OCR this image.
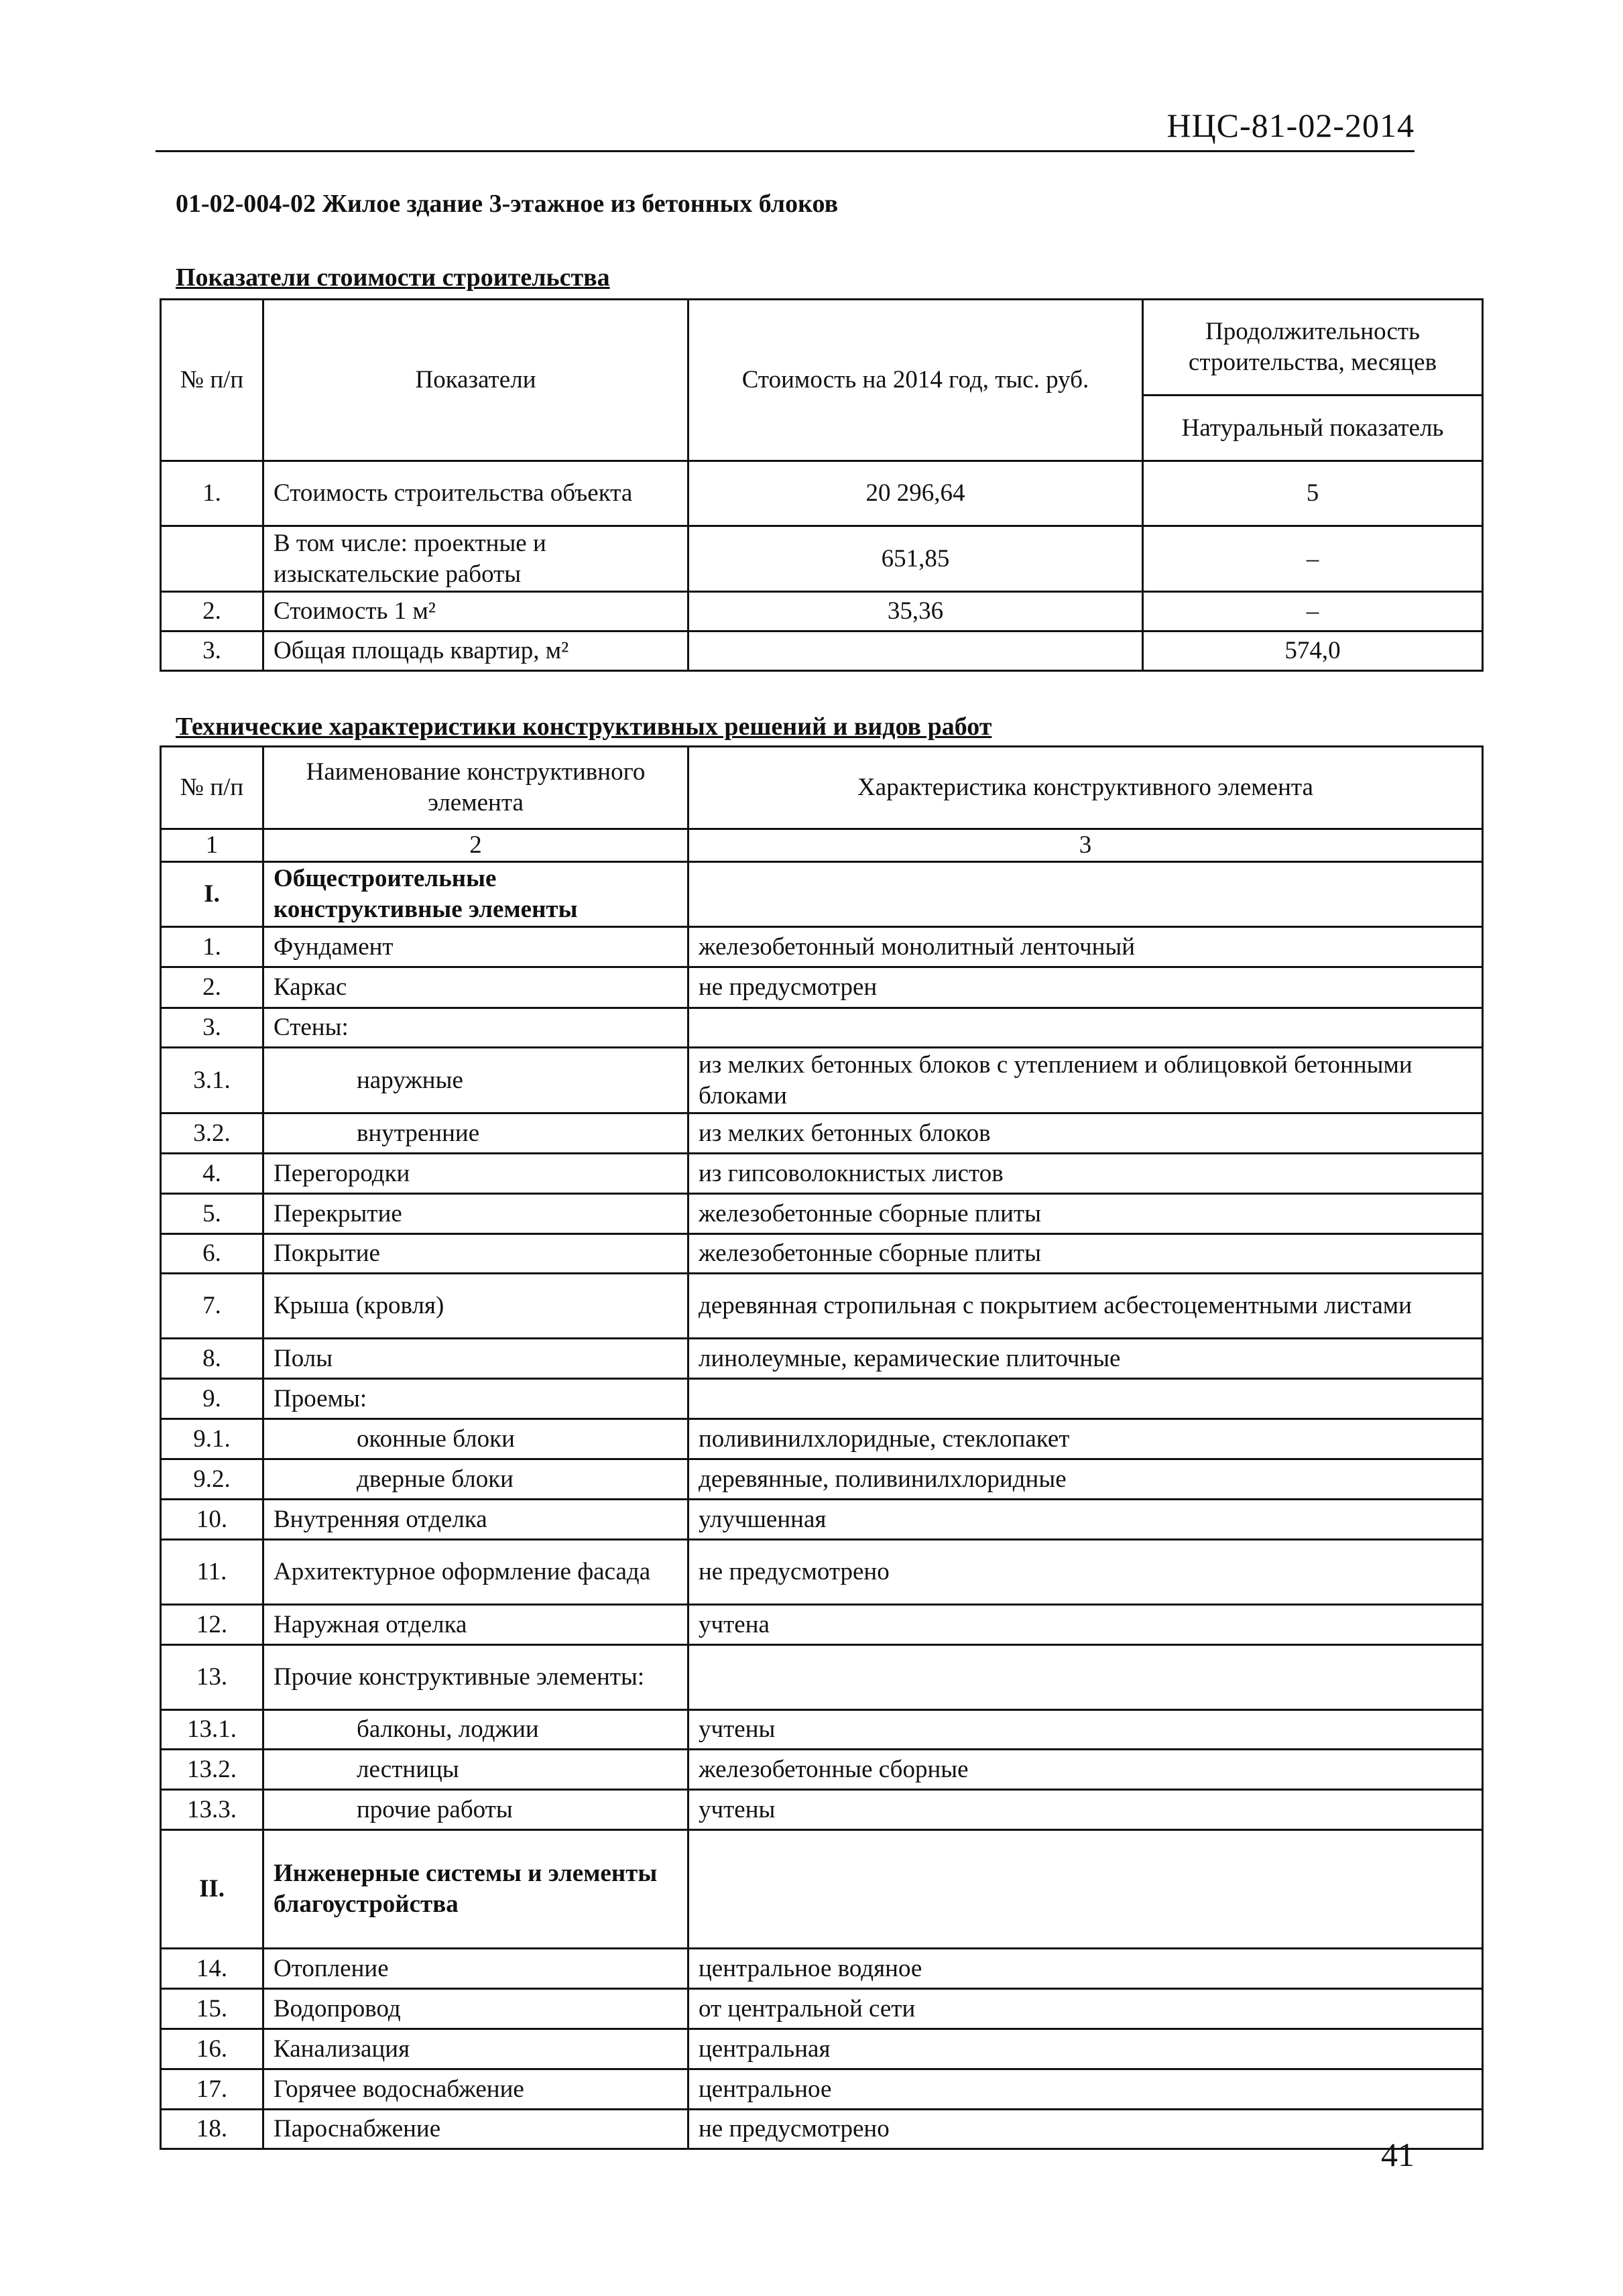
НЦС-81-02-2014
01-02-004-02 Жилое здание 3-этажное из бетонных блоков
Показатели стоимости строительства
№ п/п	Показатели	Стоимость на 2014 год, тыс. руб.	Продолжительность строительства, месяцев
			Натуральный показатель
1.	Стоимость строительства объекта	20 296,64	5
	В том числе: проектные и изыскательские работы	651,85	–
2.	Стоимость 1 м²	35,36	–
3.	Общая площадь квартир, м²		574,0
Технические характеристики конструктивных решений и видов работ
№ п/п	Наименование конструктивного элемента	Характеристика конструктивного элемента
1	2	3
I.	Общестроительные конструктивные элементы	
1.	Фундамент	железобетонный монолитный ленточный
2.	Каркас	не предусмотрен
3.	Стены:	
3.1.	наружные	из мелких бетонных блоков с утеплением и облицовкой бетонными блоками
3.2.	внутренние	из мелких бетонных блоков
4.	Перегородки	из гипсоволокнистых листов
5.	Перекрытие	железобетонные сборные плиты
6.	Покрытие	железобетонные сборные плиты
7.	Крыша (кровля)	деревянная стропильная с покрытием асбестоцементными листами
8.	Полы	линолеумные, керамические плиточные
9.	Проемы:	
9.1.	оконные блоки	поливинилхлоридные, стеклопакет
9.2.	дверные блоки	деревянные, поливинилхлоридные
10.	Внутренняя отделка	улучшенная
11.	Архитектурное оформление фасада	не предусмотрено
12.	Наружная отделка	учтена
13.	Прочие конструктивные элементы:	
13.1.	балконы, лоджии	учтены
13.2.	лестницы	железобетонные сборные
13.3.	прочие работы	учтены
II.	Инженерные системы и элементы благоустройства	
14.	Отопление	центральное водяное
15.	Водопровод	от центральной сети
16.	Канализация	центральная
17.	Горячее водоснабжение	центральное
18.	Пароснабжение	не предусмотрено
41
